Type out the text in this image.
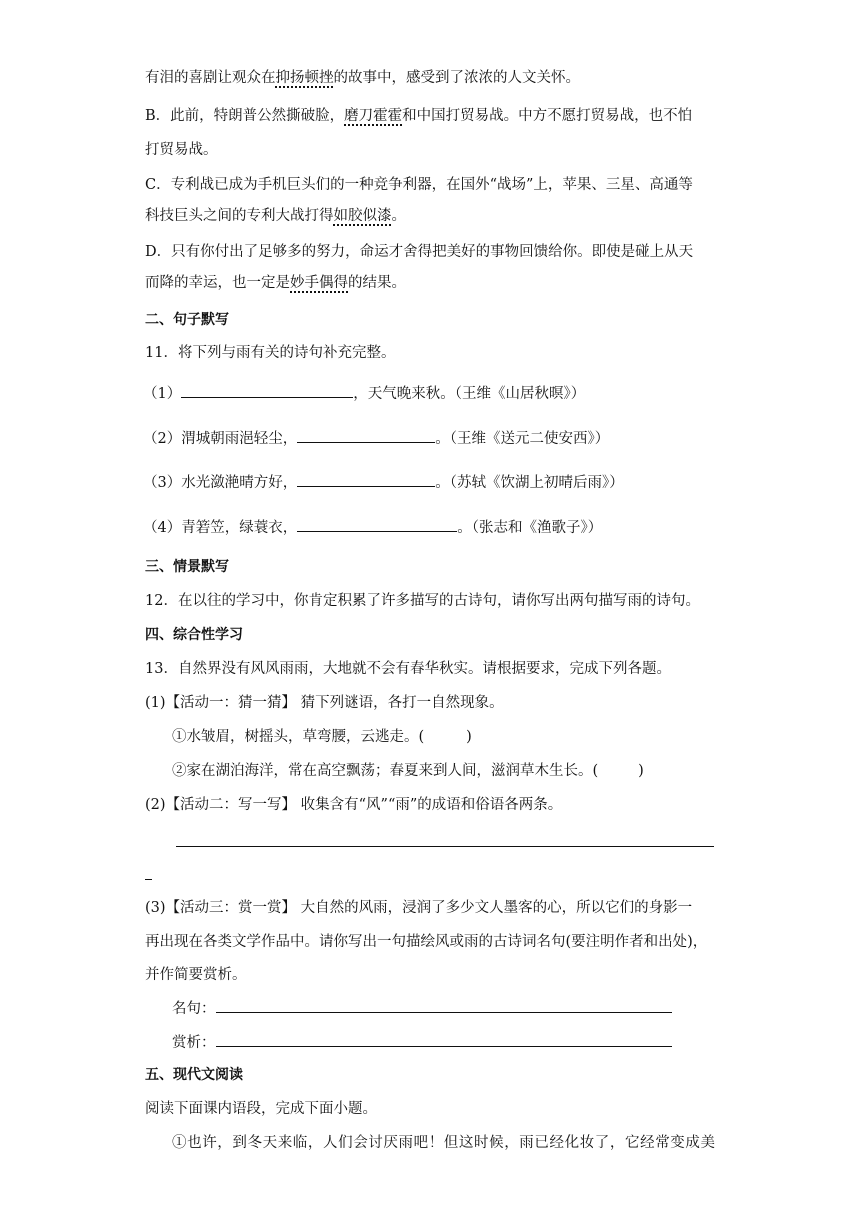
有泪的喜剧让观众在抑扬顿挫的故事中，感受到了浓浓的人文关怀。
B．此前，特朗普公然撕破脸，磨刀霍霍和中国打贸易战。中方不愿打贸易战，也不怕
打贸易战。
C．专利战已成为手机巨头们的一种竞争利器，在国外“战场”上，苹果、三星、高通等
科技巨头之间的专利大战打得如胶似漆。
D．只有你付出了足够多的努力，命运才舍得把美好的事物回馈给你。即使是碰上从天
而降的幸运，也一定是妙手偶得的结果。
二、句子默写
11．将下列与雨有关的诗句补充完整。
（1）	，天气晚来秋。（王维《山居秋暝》）
（2）渭城朝雨浥轻尘，	。（王维《送元二使安西》）
（3）水光潋滟晴方好，	。（苏轼《饮湖上初晴后雨》）
（4）青箬笠，绿蓑衣，	。（张志和《渔歌子》）
三、情景默写
12．在以往的学习中，你肯定积累了许多描写的古诗句，请你写出两句描写雨的诗句。
四、综合性学习
13．自然界没有风风雨雨，大地就不会有春华秋实。请根据要求，完成下列各题。
(1)【活动一：猜一猜】 猜下列谜语，各打一自然现象。
①水皱眉，树摇头，草弯腰，云逃走。(	)
②家在湖泊海洋，常在高空飘荡；春夏来到人间，滋润草木生长。(	)
(2)【活动二：写一写】 收集含有“风”“雨”的成语和俗语各两条。
(3)【活动三：赏一赏】 大自然的风雨，浸润了多少文人墨客的心，所以它们的身影一
再出现在各类文学作品中。请你写出一句描绘风或雨的古诗词名句(要注明作者和出处)，
并作简要赏析。
名句：
赏析：
五、现代文阅读
阅读下面课内语段，完成下面小题。
①也许，到冬天来临，人们会讨厌雨吧！但这时候，雨已经化妆了，它经常变成美
